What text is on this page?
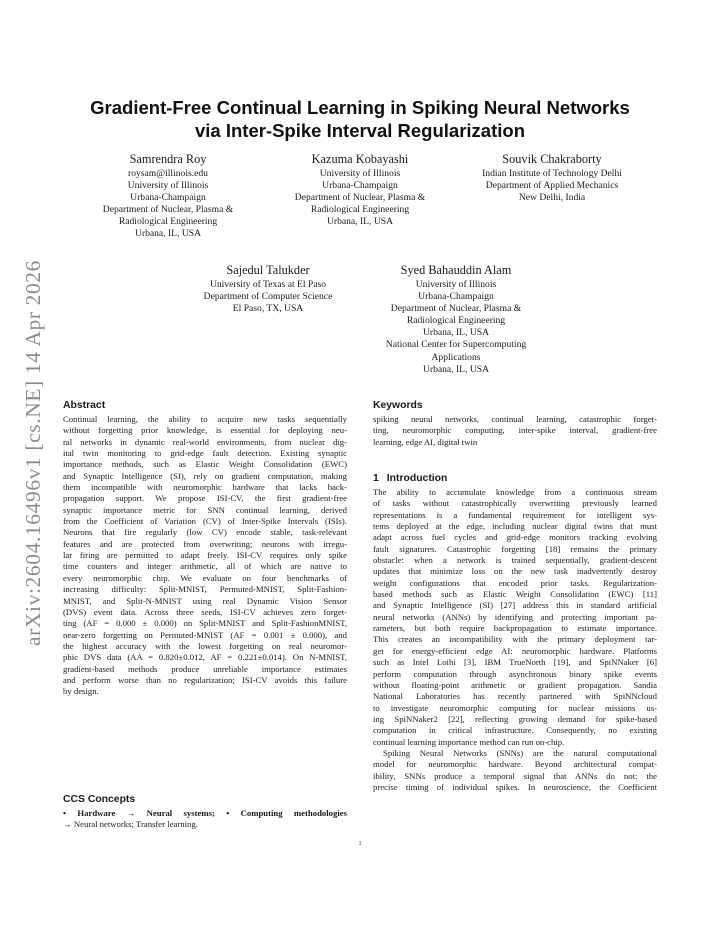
arXiv:2604.16496v1 [cs.NE] 14 Apr 2026
Gradient-Free Continual Learning in Spiking Neural Networks
via Inter-Spike Interval Regularization
Samrendra Roy
roysam@illinois.edu
University of Illinois
Urbana-Champaign
Department of Nuclear, Plasma &
Radiological Engineering
Urbana, IL, USA
Kazuma Kobayashi
University of Illinois
Urbana-Champaign
Department of Nuclear, Plasma &
Radiological Engineering
Urbana, IL, USA
Souvik Chakraborty
Indian Institute of Technology Delhi
Department of Applied Mechanics
New Delhi, India
Sajedul Talukder
University of Texas at El Paso
Department of Computer Science
El Paso, TX, USA
Syed Bahauddin Alam
University of Illinois
Urbana-Champaign
Department of Nuclear, Plasma &
Radiological Engineering
Urbana, IL, USA
National Center for Supercomputing
Applications
Urbana, IL, USA
Abstract
Continual learning, the ability to acquire new tasks sequentially
without forgetting prior knowledge, is essential for deploying neu-
ral networks in dynamic real-world environments, from nuclear dig-
ital twin monitoring to grid-edge fault detection. Existing synaptic
importance methods, such as Elastic Weight Consolidation (EWC)
and Synaptic Intelligence (SI), rely on gradient computation, making
them incompatible with neuromorphic hardware that lacks back-
propagation support. We propose ISI-CV, the first gradient-free
synaptic importance metric for SNN continual learning, derived
from the Coefficient of Variation (CV) of Inter-Spike Intervals (ISIs).
Neurons that fire regularly (low CV) encode stable, task-relevant
features and are protected from overwriting; neurons with irregu-
lar firing are permitted to adapt freely. ISI-CV requires only spike
time counters and integer arithmetic, all of which are native to
every neuromorphic chip. We evaluate on four benchmarks of
increasing difficulty: Split-MNIST, Permuted-MNIST, Split-Fashion-
MNIST, and Split-N-MNIST using real Dynamic Vision Sensor
(DVS) event data. Across three seeds, ISI-CV achieves zero forget-
ting (AF = 0.000 ± 0.000) on Split-MNIST and Split-FashionMNIST,
near-zero forgetting on Permuted-MNIST (AF = 0.001 ± 0.000), and
the highest accuracy with the lowest forgetting on real neuromor-
phic DVS data (AA = 0.820±0.012, AF = 0.221±0.014). On N-MNIST,
gradient-based methods produce unreliable importance estimates
and perform worse than no regularization; ISI-CV avoids this failure
by design.
CCS Concepts
• Hardware → Neural systems; • Computing methodologies
→ Neural networks; Transfer learning.
Keywords
spiking neural networks, continual learning, catastrophic forget-
ting, neuromorphic computing, inter-spike interval, gradient-free
learning, edge AI, digital twin
1 Introduction
The ability to accumulate knowledge from a continuous stream
of tasks without catastrophically overwriting previously learned
representations is a fundamental requirement for intelligent sys-
tems deployed at the edge, including nuclear digital twins that must
adapt across fuel cycles and grid-edge monitors tracking evolving
fault signatures. Catastrophic forgetting [18] remains the primary
obstacle: when a network is trained sequentially, gradient-descent
updates that minimize loss on the new task inadvertently destroy
weight configurations that encoded prior tasks. Regularization-
based methods such as Elastic Weight Consolidation (EWC) [11]
and Synaptic Intelligence (SI) [27] address this in standard artificial
neural networks (ANNs) by identifying and protecting important pa-
rameters, but both require backpropagation to estimate importance.
This creates an incompatibility with the primary deployment tar-
get for energy-efficient edge AI: neuromorphic hardware. Platforms
such as Intel Loihi [3], IBM TrueNorth [19], and SpiNNaker [6]
perform computation through asynchronous binary spike events
without floating-point arithmetic or gradient propagation. Sandia
National Laboratories has recently partnered with SpiNNcloud
to investigate neuromorphic computing for nuclear missions us-
ing SpiNNaker2 [22], reflecting growing demand for spike-based
computation in critical infrastructure. Consequently, no existing
continual learning importance method can run on-chip.
Spiking Neural Networks (SNNs) are the natural computational
model for neuromorphic hardware. Beyond architectural compat-
ibility, SNNs produce a temporal signal that ANNs do not: the
precise timing of individual spikes. In neuroscience, the Coefficient
1
